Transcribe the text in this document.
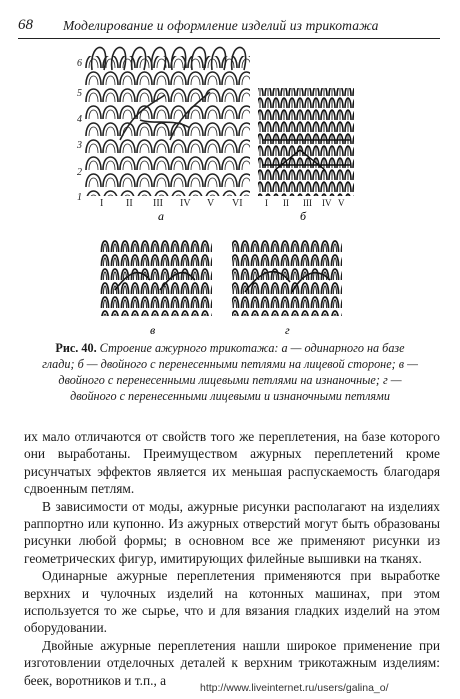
68 Моделирование и оформление изделий из трикотажа
6
5
4
3
2
1
I II III IV V VI
а
I II III IV V
б
в	г
Рис. 40. Строение ажурного трикотажа: а — одинарного на базе глади; б — двойного с перенесенными петлями на лицевой стороне; в — двойного с перенесенными лицевыми петлями на изнаночные; г — двойного с перенесенными лицевыми и изнаночными петлями

их мало отличаются от свойств того же переплетения, на базе которого они выработаны. Преимуществом ажурных переплетений кроме рисунчатых эффектов является их меньшая распускаемость благодаря сдвоенным петлям.

В зависимости от моды, ажурные рисунки располагают на изделиях раппортно или купонно. Из ажурных отверстий могут быть образованы рисунки любой формы; в основном все же применяют рисунки из геометрических фигур, имитирующих филейные вышивки на тканях.

Одинарные ажурные переплетения применяются при выработке верхних и чулочных изделий на котонных машинах, при этом используется то же сырье, что и для вязания гладких изделий на этом оборудовании.

Двойные ажурные переплетения нашли широкое применение при изготовлении отделочных деталей к верхним трикотажным изделиям: беек, воротников и т.п., а

http://www.liveinternet.ru/users/galina_o/
